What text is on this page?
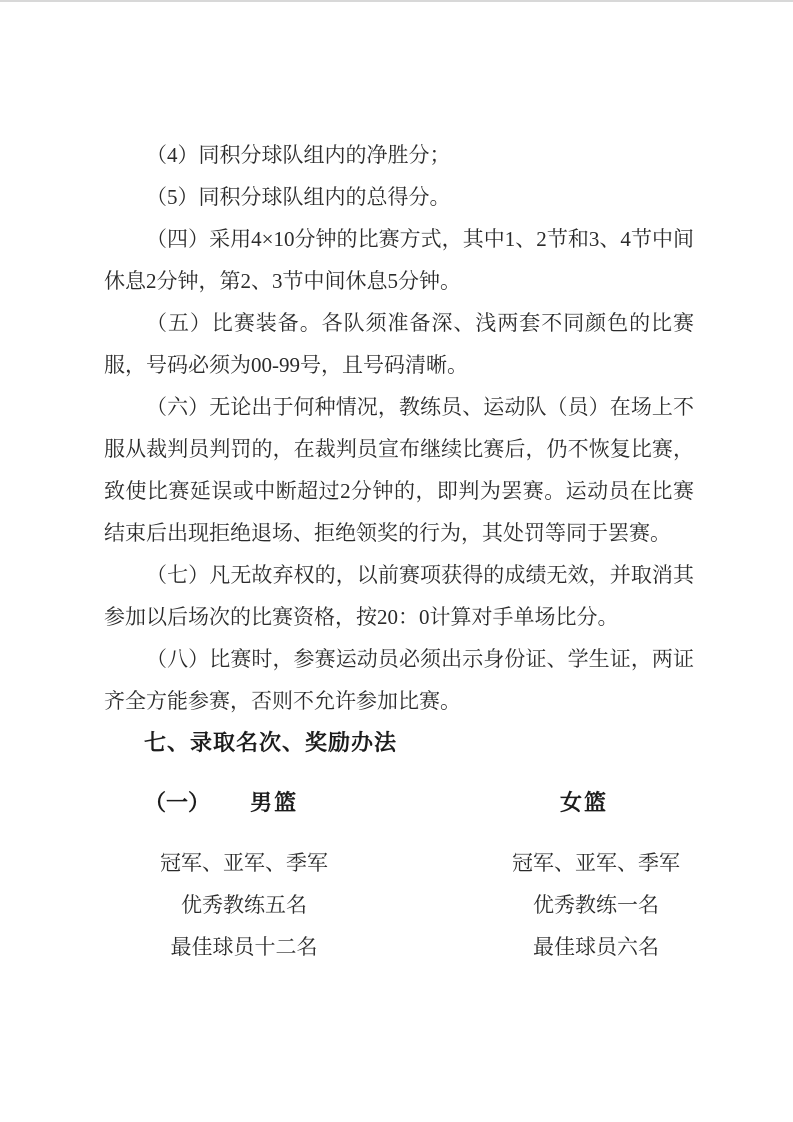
（4）同积分球队组内的净胜分；

（5）同积分球队组内的总得分。

（四）采用4×10分钟的比赛方式，其中1、2节和3、4节中间休息2分钟，第2、3节中间休息5分钟。

（五）比赛装备。各队须准备深、浅两套不同颜色的比赛服，号码必须为00-99号，且号码清晰。

（六）无论出于何种情况，教练员、运动队（员）在场上不服从裁判员判罚的，在裁判员宣布继续比赛后，仍不恢复比赛，致使比赛延误或中断超过2分钟的，即判为罢赛。运动员在比赛结束后出现拒绝退场、拒绝领奖的行为，其处罚等同于罢赛。

（七）凡无故弃权的，以前赛项获得的成绩无效，并取消其参加以后场次的比赛资格，按20：0计算对手单场比分。

（八）比赛时，参赛运动员必须出示身份证、学生证，两证齐全方能参赛，否则不允许参加比赛。

七、录取名次、奖励办法
（一） 男篮	女篮
冠军、亚军、季军	冠军、亚军、季军
优秀教练五名	优秀教练一名
最佳球员十二名	最佳球员六名
